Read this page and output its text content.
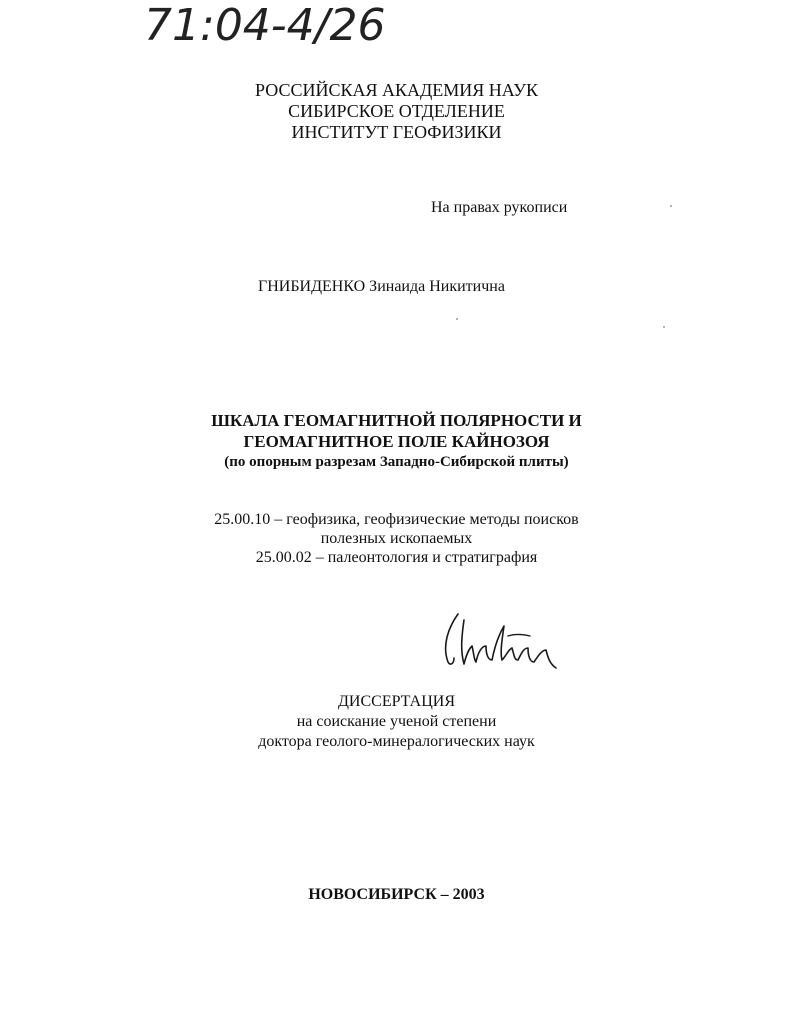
71:04-4/26
РОССИЙСКАЯ АКАДЕМИЯ НАУК
СИБИРСКОЕ ОТДЕЛЕНИЕ
ИНСТИТУТ ГЕОФИЗИКИ
На правах рукописи
ГНИБИДЕНКО Зинаида Никитична
ШКАЛА ГЕОМАГНИТНОЙ ПОЛЯРНОСТИ И
ГЕОМАГНИТНОЕ ПОЛЕ КАЙНОЗОЯ
(по опорным разрезам Западно-Сибирской плиты)
25.00.10 – геофизика, геофизические методы поисков
полезных ископаемых
25.00.02 – палеонтология и стратиграфия
ДИССЕРТАЦИЯ
на соискание ученой степени
доктора геолого-минералогических наук
НОВОСИБИРСК – 2003
